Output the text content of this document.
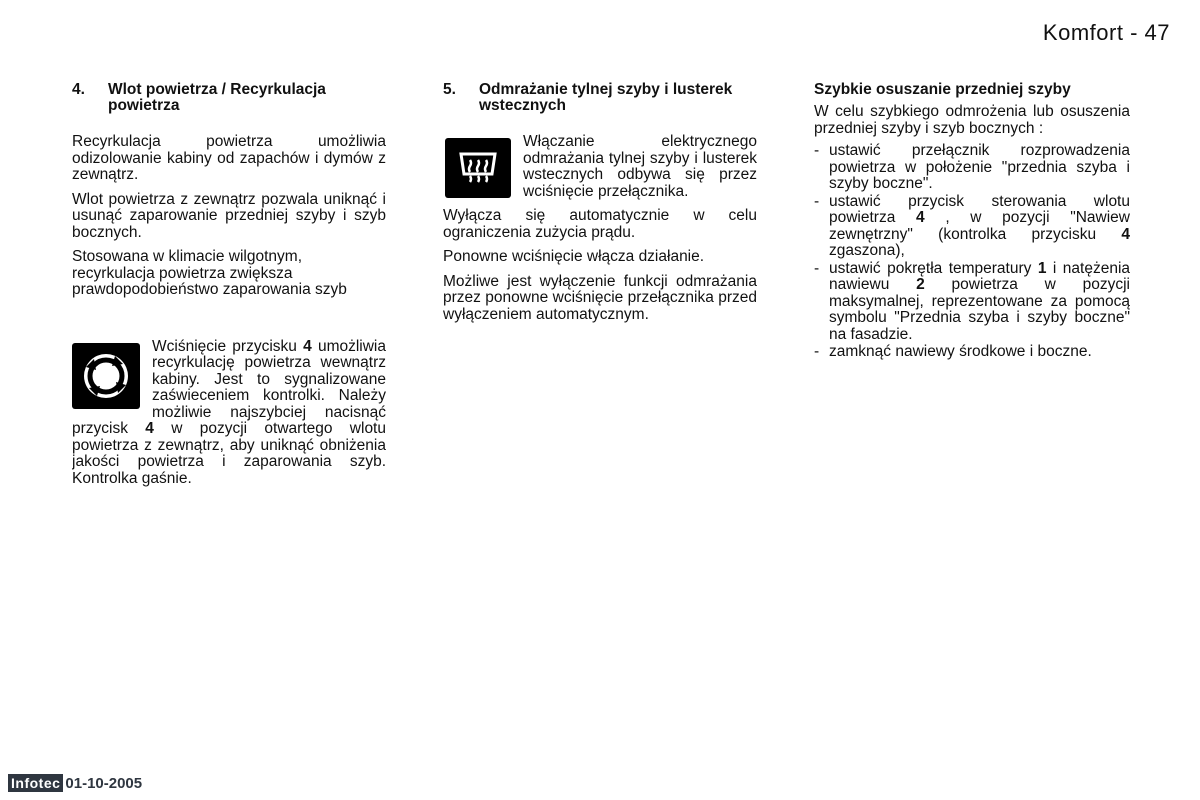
Komfort - 47
4.	Wlot powietrza / Recyrkulacja powietrza

Recyrkulacja powietrza umożliwia odizolowanie kabiny od zapachów i dymów z zewnątrz.

Wlot powietrza z zewnątrz pozwala uniknąć i usunąć zaparowanie przedniej szyby i szyb bocznych.

Stosowana w klimacie wilgotnym, recyrkulacja powietrza zwiększa prawdopodobieństwo zaparowania szyb

Wciśnięcie przycisku 4 umożliwia recyrkulację powietrza wewnątrz kabiny. Jest to sygnalizowane zaświeceniem kontrolki. Należy możliwie najszybciej nacisnąć przycisk 4 w pozycji otwartego wlotu powietrza z zewnątrz, aby uniknąć obniżenia jakości powietrza i zaparowania szyb. Kontrolka gaśnie.

5.	Odmrażanie tylnej szyby i lusterek wstecznych

Włączanie elektrycznego odmrażania tylnej szyby i lusterek wstecznych odbywa się przez wciśnięcie przełącznika.

Wyłącza się automatycznie w celu ograniczenia zużycia prądu.

Ponowne wciśnięcie włącza działanie.

Możliwe jest wyłączenie funkcji odmrażania przez ponowne wciśnięcie przełącznika przed wyłączeniem automatycznym.

Szybkie osuszanie przedniej szyby

W celu szybkiego odmrożenia lub osuszenia przedniej szyby i szyb bocznych :

- ustawić przełącznik rozprowadzenia powietrza w położenie "przednia szyba i szyby boczne".
- ustawić przycisk sterowania wlotu powietrza 4 , w pozycji "Nawiew zewnętrzny" (kontrolka przycisku 4 zgaszona),
- ustawić pokrętła temperatury 1 i natężenia nawiewu 2 powietrza w pozycji maksymalnej, reprezentowane za pomocą symbolu "Przednia szyba i szyby boczne" na fasadzie.
- zamknąć nawiewy środkowe i boczne.
Infotec 01-10-2005
